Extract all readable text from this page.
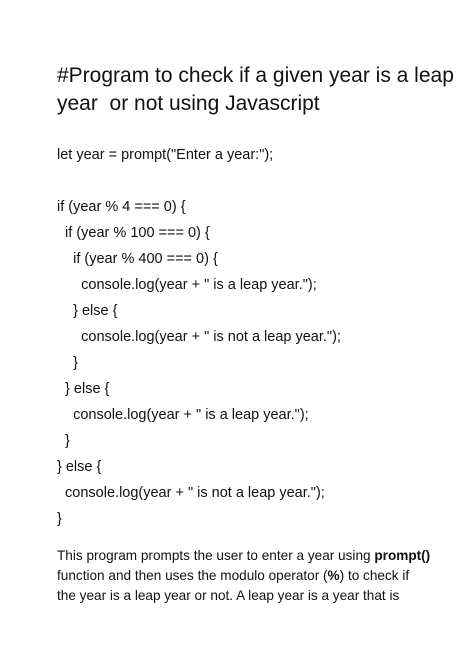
#Program to check if a given year is a leap
year  or not using Javascript
let year = prompt("Enter a year:");
if (year % 4 === 0) {
if (year % 100 === 0) {
if (year % 400 === 0) {
console.log(year + " is a leap year.");
} else {
console.log(year + " is not a leap year.");
}
} else {
console.log(year + " is a leap year.");
}
} else {
console.log(year + " is not a leap year.");
}

This program prompts the user to enter a year using prompt()
function and then uses the modulo operator (%) to check if
the year is a leap year or not. A leap year is a year that is
